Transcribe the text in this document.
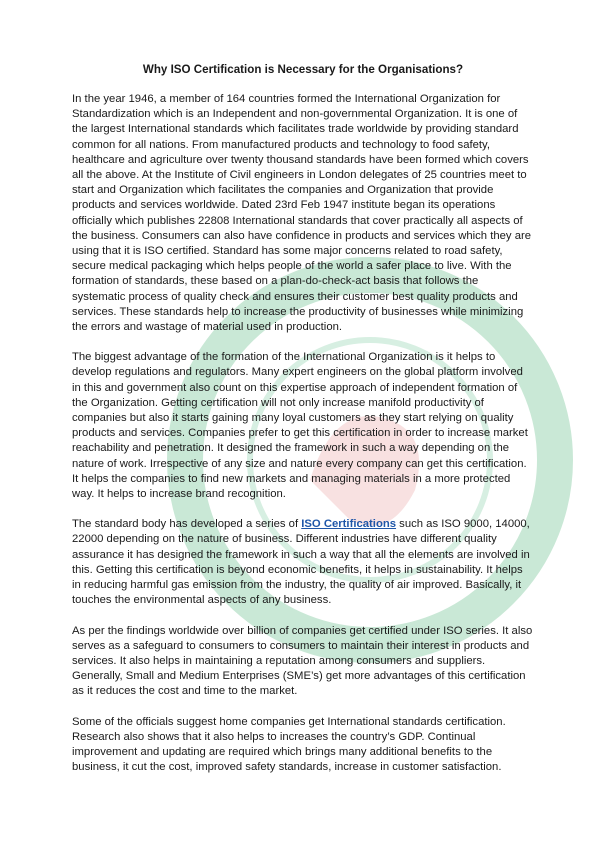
Why ISO Certification is Necessary for the Organisations?

In the year 1946, a member of 164 countries formed the International Organization for Standardization which is an Independent and non-governmental Organization. It is one of the largest International standards which facilitates trade worldwide by providing standard common for all nations. From manufactured products and technology to food safety, healthcare and agriculture over twenty thousand standards have been formed which covers all the above. At the Institute of Civil engineers in London delegates of 25 countries meet to start and Organization which facilitates the companies and Organization that provide products and services worldwide. Dated 23rd Feb 1947 institute began its operations officially which publishes 22808 International standards that cover practically all aspects of the business. Consumers can also have confidence in products and services which they are using that it is ISO certified. Standard has some major concerns related to road safety, secure medical packaging which helps people of the world a safer place to live. With the formation of standards, these based on a plan-do-check-act basis that follows the systematic process of quality check and ensures their customer best quality products and services. These standards help to increase the productivity of businesses while minimizing the errors and wastage of material used in production.

The biggest advantage of the formation of the International Organization is it helps to develop regulations and regulators. Many expert engineers on the global platform involved in this and government also count on this expertise approach of independent formation of the Organization. Getting certification will not only increase manifold productivity of companies but also it starts gaining many loyal customers as they start relying on quality products and services. Companies prefer to get this certification in order to increase market reachability and penetration. It designed the framework in such a way depending on the nature of work. Irrespective of any size and nature every company can get this certification. It helps the companies to find new markets and managing materials in a more protected way. It helps to increase brand recognition.

The standard body has developed a series of ISO Certifications such as ISO 9000, 14000, 22000 depending on the nature of business. Different industries have different quality assurance it has designed the framework in such a way that all the elements are involved in this. Getting this certification is beyond economic benefits, it helps in sustainability. It helps in reducing harmful gas emission from the industry, the quality of air improved. Basically, it touches the environmental aspects of any business.

As per the findings worldwide over billion of companies get certified under ISO series. It also serves as a safeguard to consumers to consumers to maintain their interest in products and services. It also helps in maintaining a reputation among consumers and suppliers. Generally, Small and Medium Enterprises (SME’s) get more advantages of this certification as it reduces the cost and time to the market.

Some of the officials suggest home companies get International standards certification. Research also shows that it also helps to increases the country’s GDP. Continual improvement and updating are required which brings many additional benefits to the business, it cut the cost, improved safety standards, increase in customer satisfaction.
